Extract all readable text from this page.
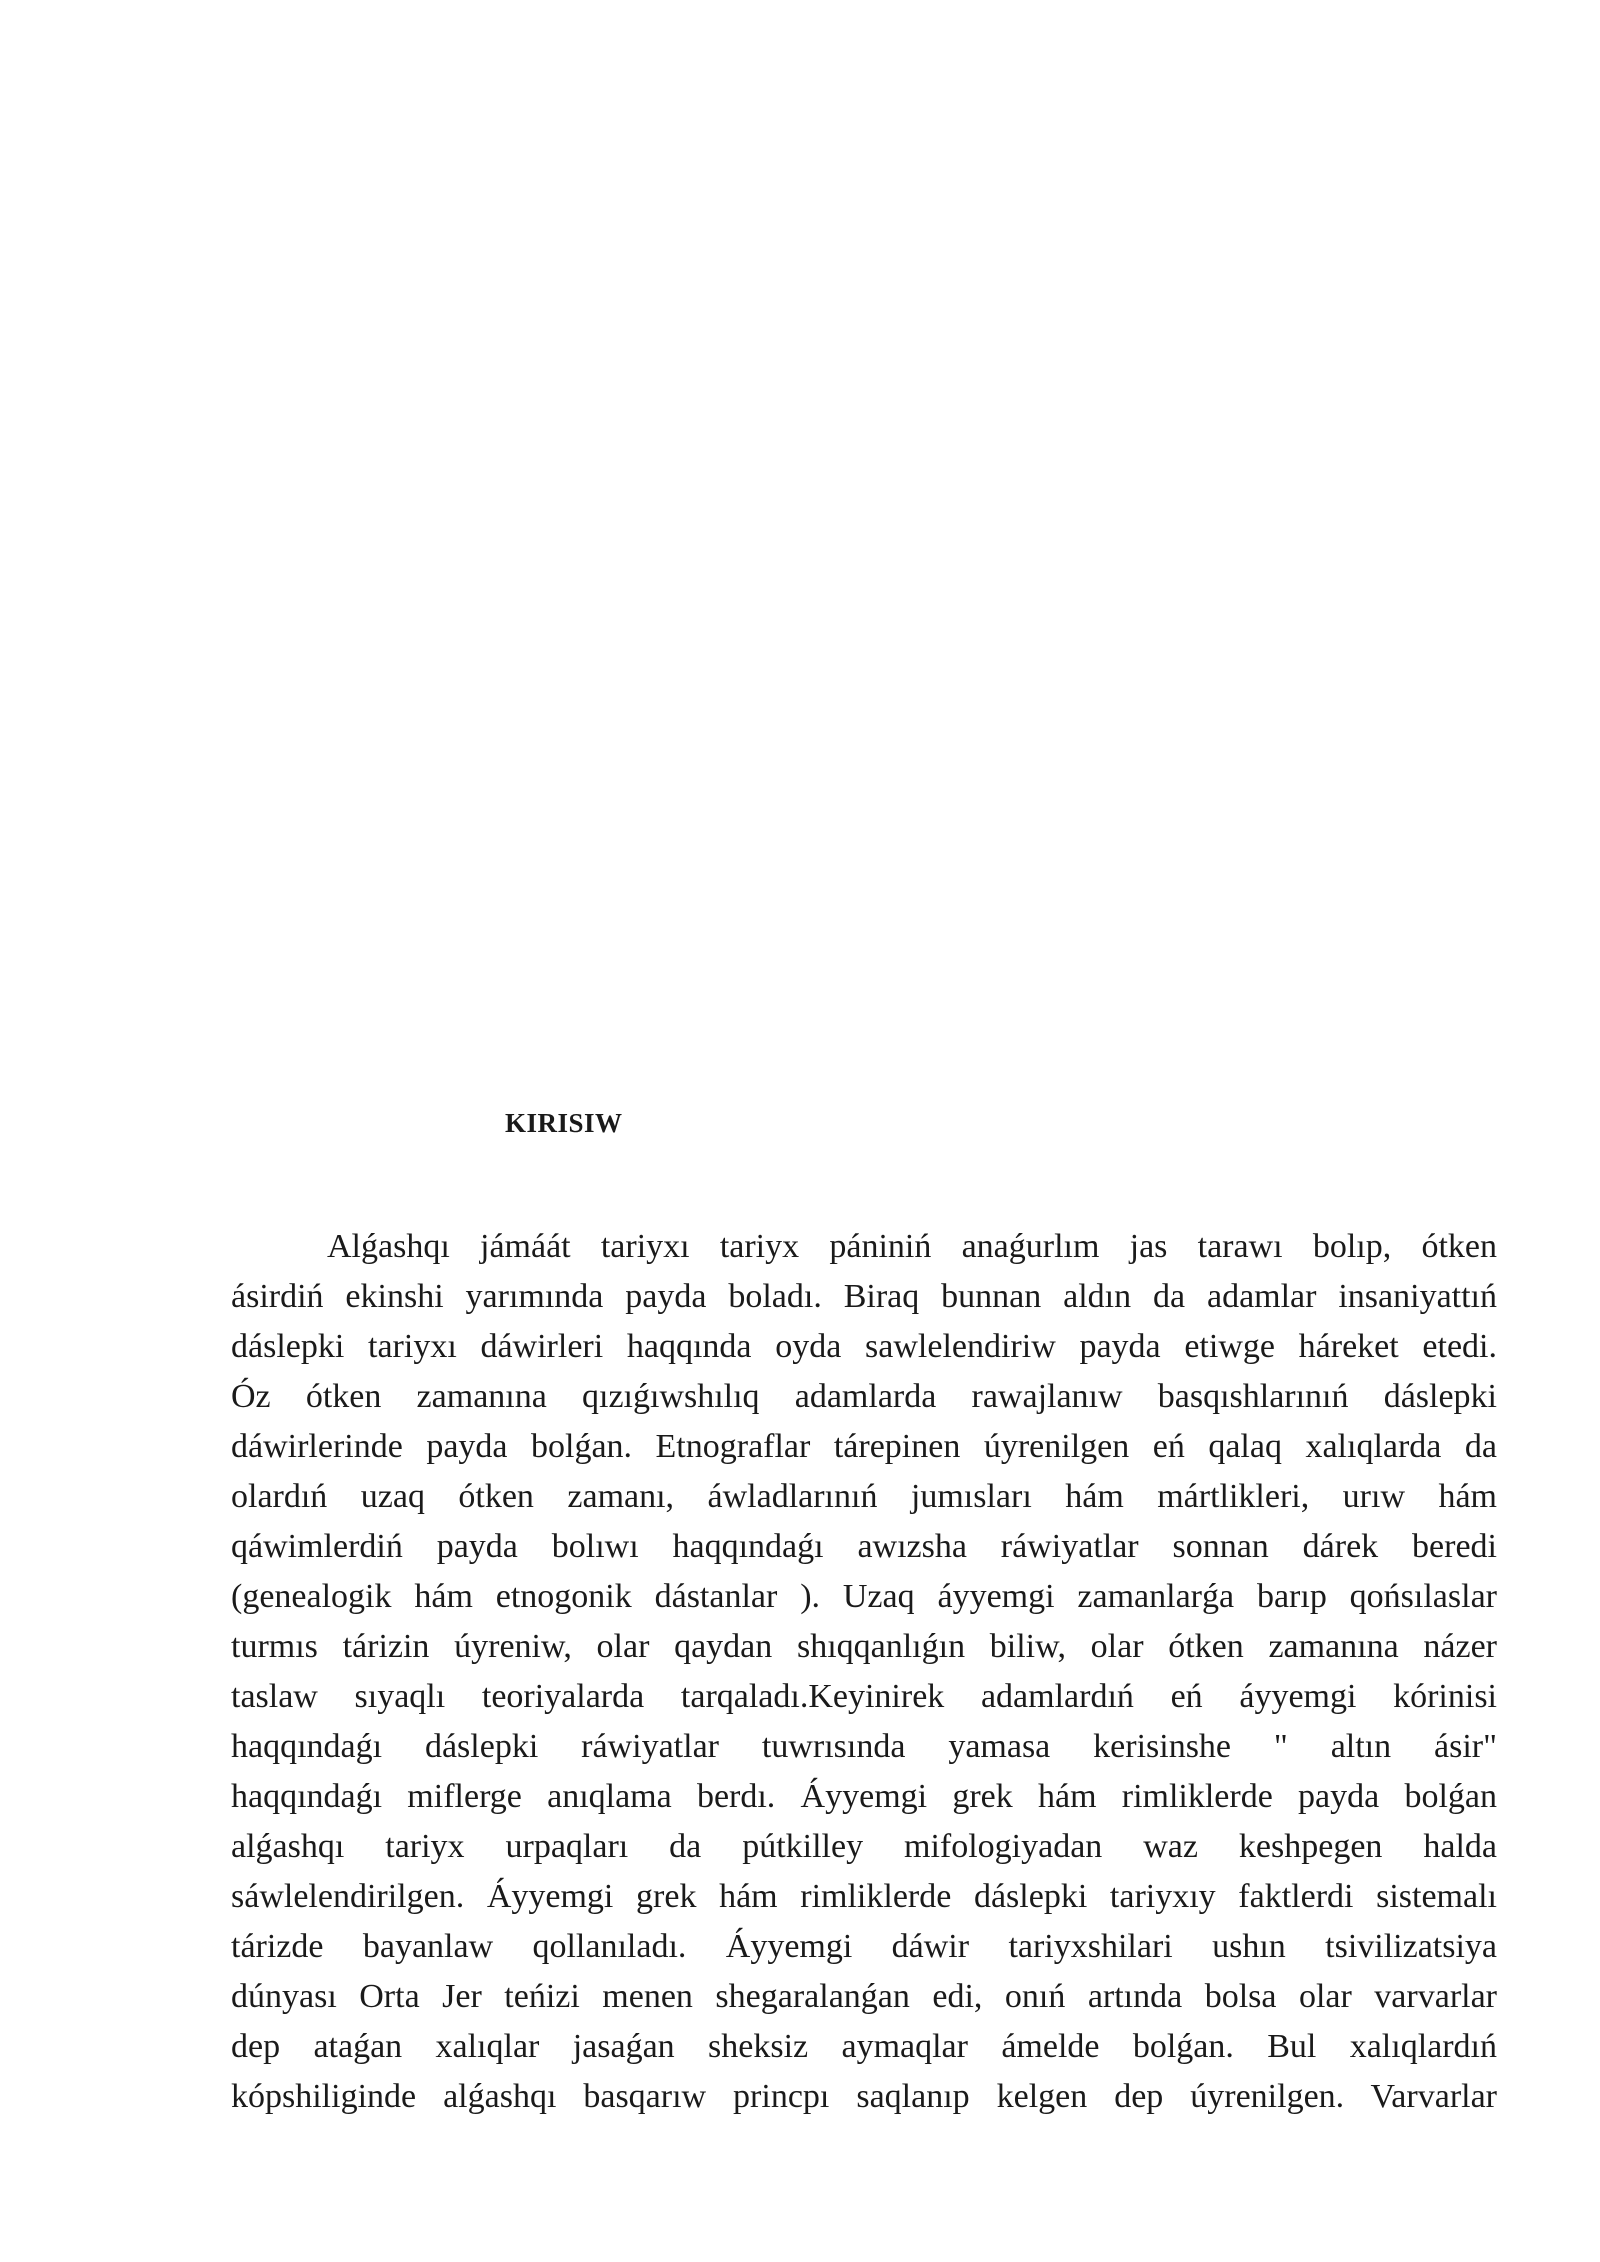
KIRISIW
Alǵashqı jámáát tariyxı tariyx pániniń anaǵurlım jas tarawı bolıp, ótken
ásirdiń ekinshi yarımında payda boladı. Biraq bunnan aldın da adamlar insaniyattıń
dáslepki tariyxı dáwirleri haqqında oyda sawlelendiriw payda etiwge háreket etedi.
Óz ótken zamanına qızıǵıwshılıq adamlarda rawajlanıw basqıshlarınıń dáslepki
dáwirlerinde payda bolǵan. Etnograflar tárepinen úyrenilgen eń qalaq xalıqlarda da
olardıń uzaq ótken zamanı, áwladlarınıń jumısları hám mártlikleri, urıw hám
qáwimlerdiń payda bolıwı haqqındaǵı awızsha ráwiyatlar sonnan dárek beredi
(genealogik hám etnogonik dástanlar ). Uzaq áyyemgi zamanlarǵa barıp qońsılaslar
turmıs tárizin úyreniw, olar qaydan shıqqanlıǵın biliw, olar ótken zamanına názer
taslaw sıyaqlı teoriyalarda tarqaladı.Keyinirek adamlardıń eń áyyemgi kórinisi
haqqındaǵı dáslepki ráwiyatlar tuwrısında yamasa kerisinshe " altın ásir"
haqqındaǵı miflerge anıqlama berdı. Áyyemgi grek hám rimliklerde payda bolǵan
alǵashqı tariyx urpaqları da pútkilley mifologiyadan waz keshpegen halda
sáwlelendirilgen. Áyyemgi grek hám rimliklerde dáslepki tariyxıy faktlerdi sistemalı
tárizde bayanlaw qollanıladı. Áyyemgi dáwir tariyxshilari ushın tsivilizatsiya
dúnyası Orta Jer teńizi menen shegaralanǵan edi, onıń artında bolsa olar varvarlar
dep ataǵan xalıqlar jasaǵan sheksiz aymaqlar ámelde bolǵan. Bul xalıqlardıń
kópshiliginde alǵashqı basqarıw princpı saqlanıp kelgen dep úyrenilgen. Varvarlar
